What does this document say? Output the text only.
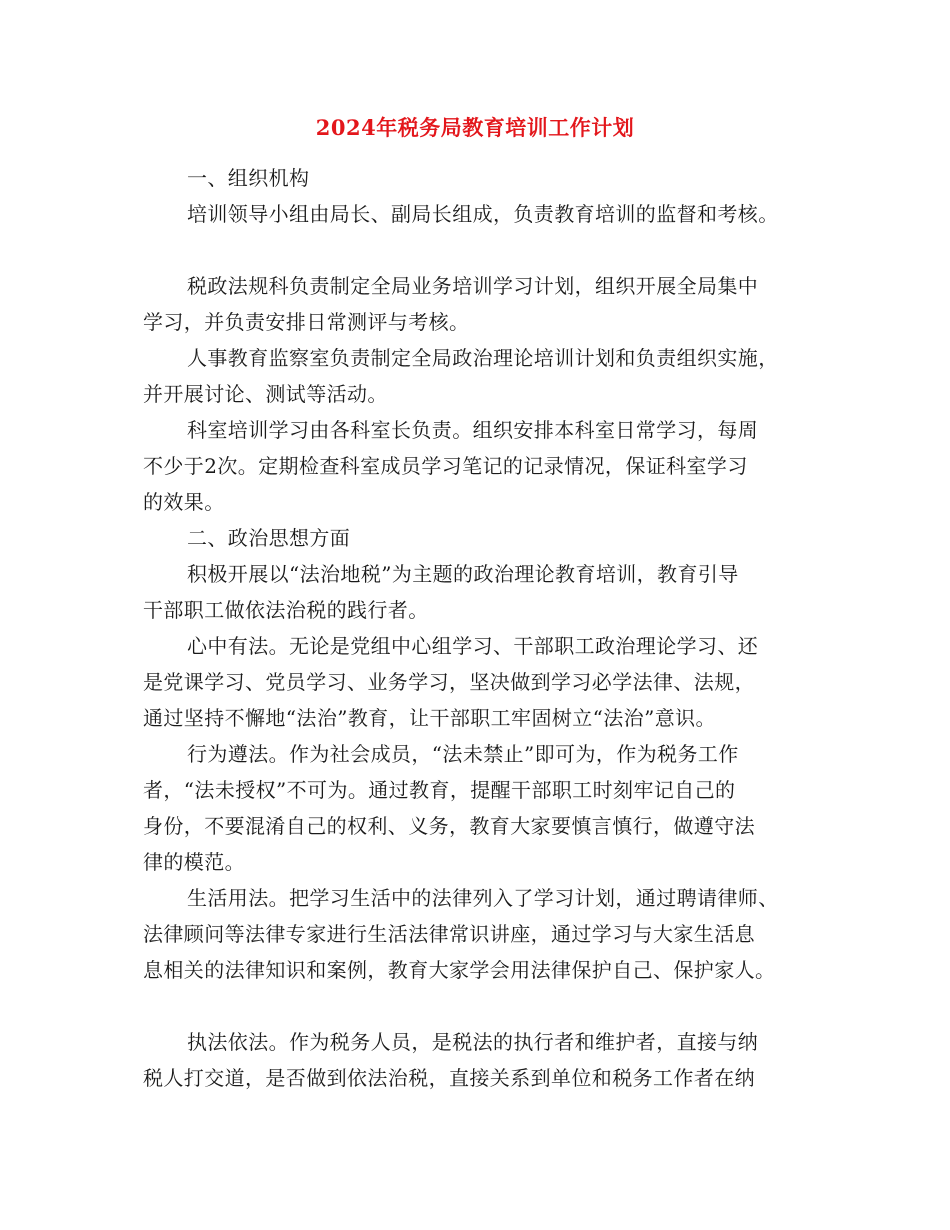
2024年税务局教育培训工作计划
一、组织机构
培训领导小组由局长、副局长组成，负责教育培训的监督和考核。
税政法规科负责制定全局业务培训学习计划，组织开展全局集中
学习，并负责安排日常测评与考核。
人事教育监察室负责制定全局政治理论培训计划和负责组织实施，
并开展讨论、测试等活动。
科室培训学习由各科室长负责。组织安排本科室日常学习，每周
不少于2次。定期检查科室成员学习笔记的记录情况，保证科室学习
的效果。
二、政治思想方面
积极开展以“法治地税”为主题的政治理论教育培训，教育引导
干部职工做依法治税的践行者。
心中有法。无论是党组中心组学习、干部职工政治理论学习、还
是党课学习、党员学习、业务学习，坚决做到学习必学法律、法规，
通过坚持不懈地“法治”教育，让干部职工牢固树立“法治”意识。
行为遵法。作为社会成员，“法未禁止”即可为，作为税务工作
者，“法未授权”不可为。通过教育，提醒干部职工时刻牢记自己的
身份，不要混淆自己的权利、义务，教育大家要慎言慎行，做遵守法
律的模范。
生活用法。把学习生活中的法律列入了学习计划，通过聘请律师、
法律顾问等法律专家进行生活法律常识讲座，通过学习与大家生活息
息相关的法律知识和案例，教育大家学会用法律保护自己、保护家人。
执法依法。作为税务人员，是税法的执行者和维护者，直接与纳
税人打交道，是否做到依法治税，直接关系到单位和税务工作者在纳
